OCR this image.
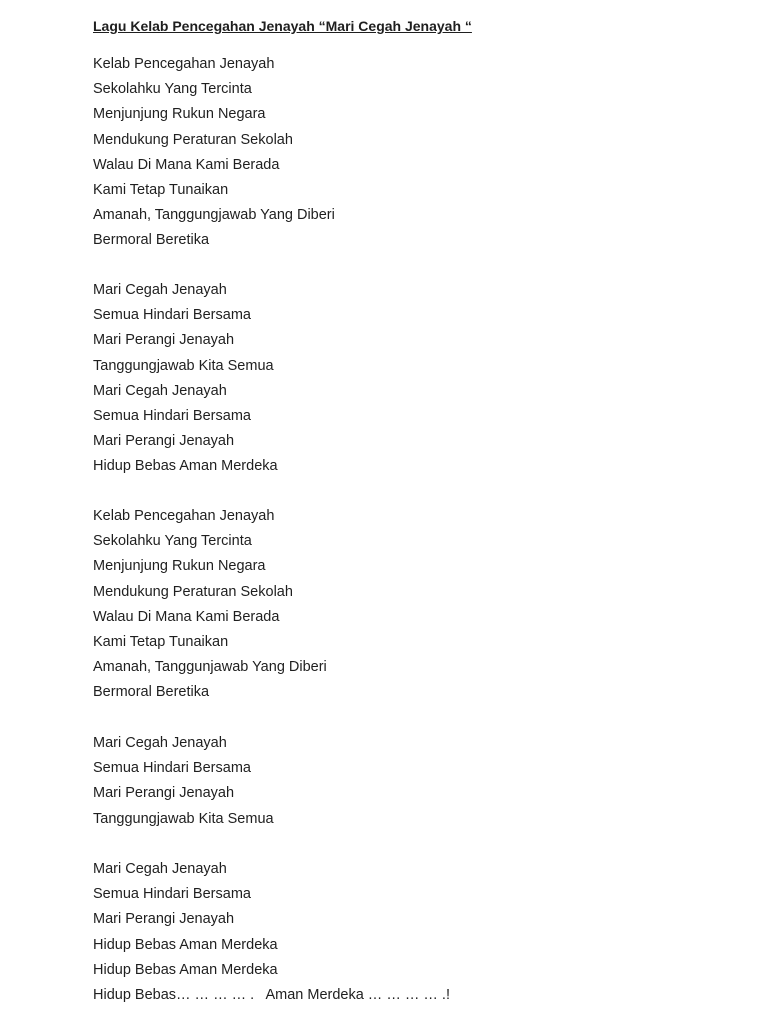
Lagu Kelab Pencegahan Jenayah “Mari Cegah Jenayah “
Kelab Pencegahan Jenayah
Sekolahku Yang Tercinta
Menjunjung Rukun Negara
Mendukung Peraturan Sekolah
Walau Di Mana Kami Berada
Kami Tetap Tunaikan
Amanah, Tanggungjawab Yang Diberi
Bermoral Beretika
Mari Cegah Jenayah
Semua Hindari Bersama
Mari Perangi Jenayah
Tanggungjawab Kita Semua
Mari Cegah Jenayah
Semua Hindari Bersama
Mari Perangi Jenayah
Hidup Bebas Aman Merdeka
Kelab Pencegahan Jenayah
Sekolahku Yang Tercinta
Menjunjung Rukun Negara
Mendukung Peraturan Sekolah
Walau Di Mana Kami Berada
Kami Tetap Tunaikan
Amanah, Tanggunjawab Yang Diberi
Bermoral Beretika
Mari Cegah Jenayah
Semua Hindari Bersama
Mari Perangi Jenayah
Tanggungjawab Kita Semua
Mari Cegah Jenayah
Semua Hindari Bersama
Mari Perangi Jenayah
Hidup Bebas Aman Merdeka
Hidup Bebas Aman Merdeka
Hidup Bebas… … … … .   Aman Merdeka … … … … .!
